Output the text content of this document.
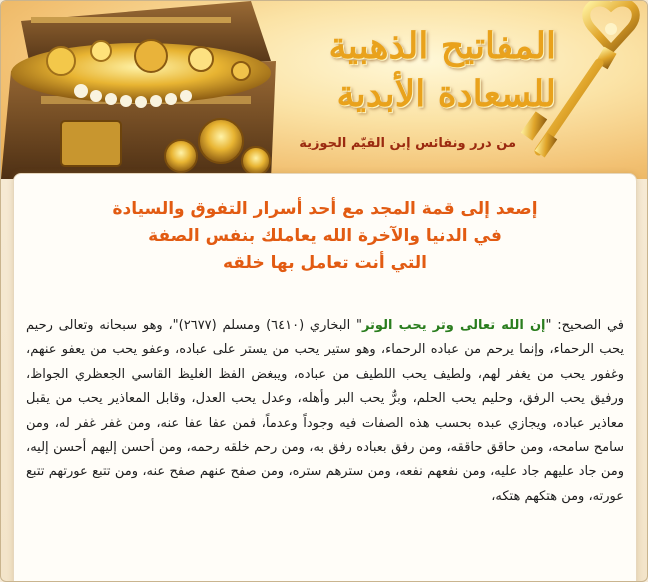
المفاتيح الذهبية
للسعادة الأبدية
من درر ونفائس إبن القيّم الجوزية
إصعد إلى قمة المجد مع أحد أسرار التفوق والسيادة
في الدنيا والآخرة الله يعاملك بنفس الصفة
التي أنت تعامل بها خلقه

في الصحيح: "إن الله تعالى وتر يحب الوتر" البخاري (٦٤١٠) ومسلم (٢٦٧٧)"، وهو سبحانه وتعالى رحيم يحب الرحماء، وإنما يرحم من عباده الرحماء، وهو ستير يحب من يستر على عباده، وعفو يحب من يعفو عنهم، وغفور يحب من يغفر لهم، ولطيف يحب اللطيف من عباده، ويبغض الفظ الغليظ القاسي الجعظري الجواظ، ورفيق يحب الرفق، وحليم يحب الحلم، وبرٌّ يحب البر وأهله، وعدل يحب العدل، وقابل المعاذير يحب من يقبل معاذير عباده، ويجازي عبده بحسب هذه الصفات فيه وجوداً وعدماً، فمن عفا عفا عنه، ومن غفر غفر له، ومن سامح سامحه، ومن حاقق حاققه، ومن رفق بعباده رفق به، ومن رحم خلقه رحمه، ومن أحسن إليهم أحسن إليه، ومن جاد عليهم جاد عليه، ومن نفعهم نفعه، ومن سترهم ستره، ومن صفح عنهم صفح عنه، ومن تتبع عورتهم تتبع عورته، ومن هتكهم هتكه،
